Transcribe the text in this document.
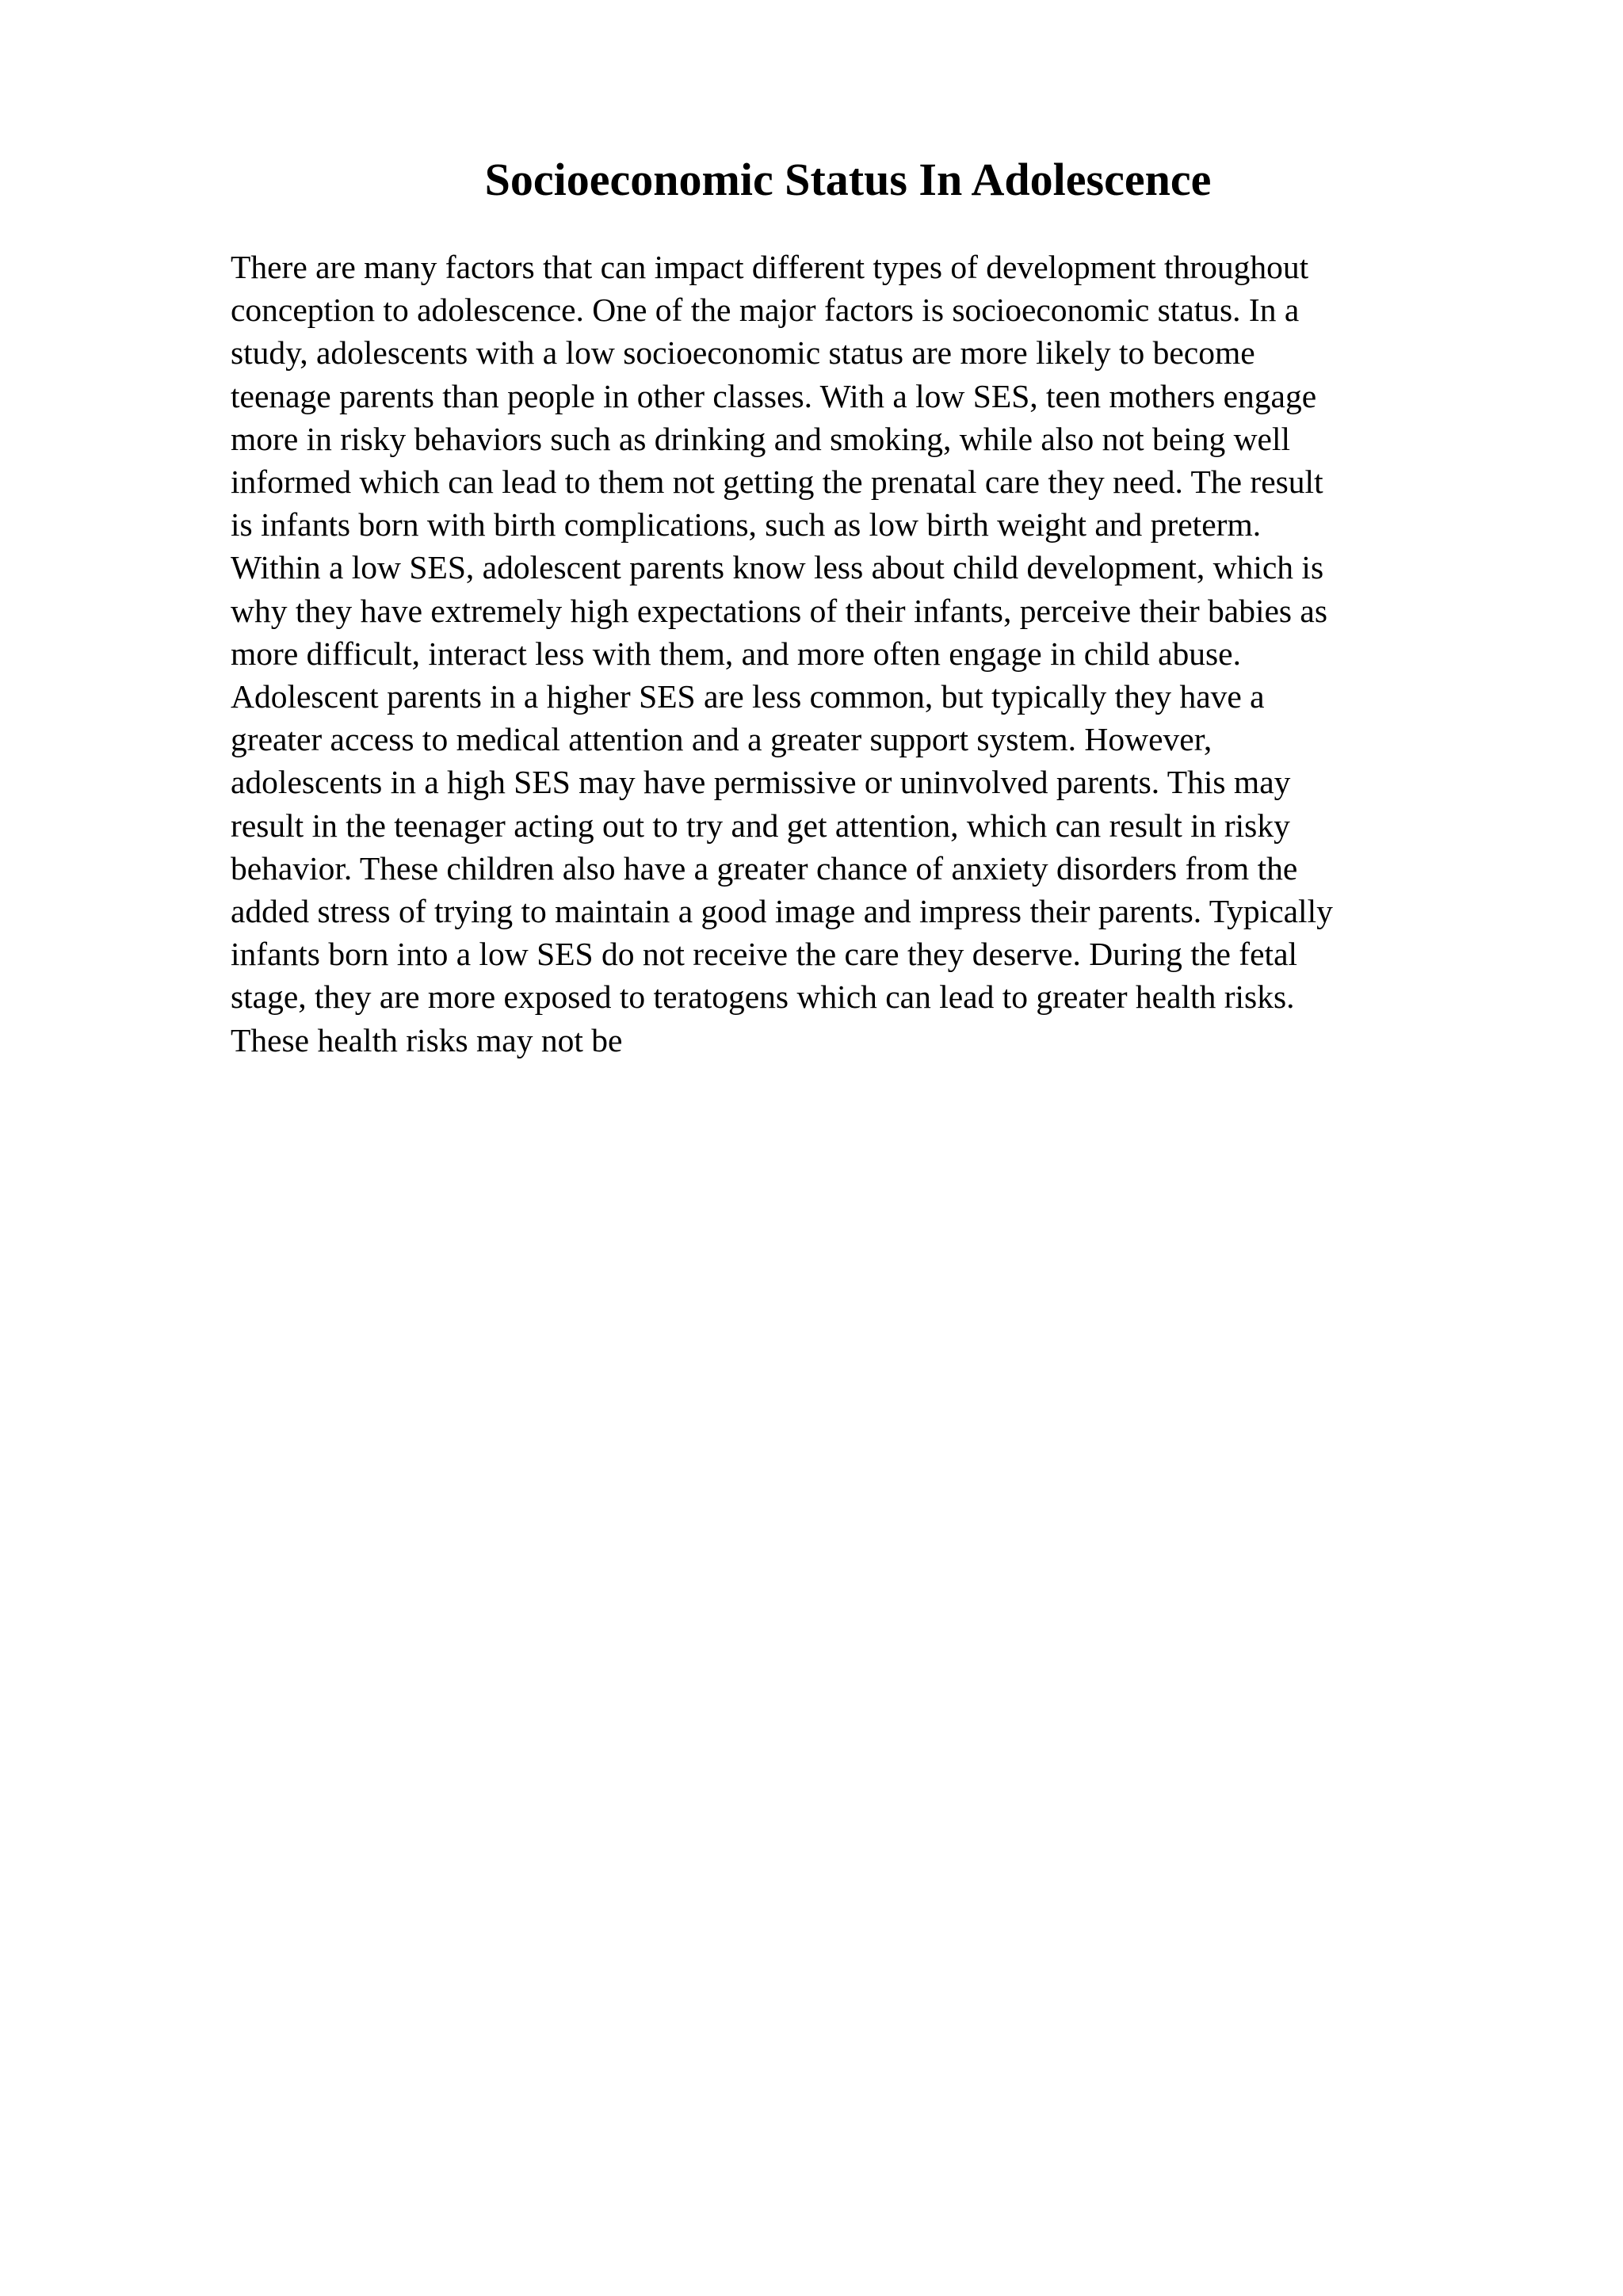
Socioeconomic Status In Adolescence
There are many factors that can impact different types of development throughout
conception to adolescence. One of the major factors is socioeconomic status. In a
study, adolescents with a low socioeconomic status are more likely to become
teenage parents than people in other classes. With a low SES, teen mothers engage
more in risky behaviors such as drinking and smoking, while also not being well
informed which can lead to them not getting the prenatal care they need. The result
is infants born with birth complications, such as low birth weight and preterm.
Within a low SES, adolescent parents know less about child development, which is
why they have extremely high expectations of their infants, perceive their babies as
more difficult, interact less with them, and more often engage in child abuse.
Adolescent parents in a higher SES are less common, but typically they have a
greater access to medical attention and a greater support system. However,
adolescents in a high SES may have permissive or uninvolved parents. This may
result in the teenager acting out to try and get attention, which can result in risky
behavior. These children also have a greater chance of anxiety disorders from the
added stress of trying to maintain a good image and impress their parents. Typically
infants born into a low SES do not receive the care they deserve. During the fetal
stage, they are more exposed to teratogens which can lead to greater health risks.
These health risks may not be
